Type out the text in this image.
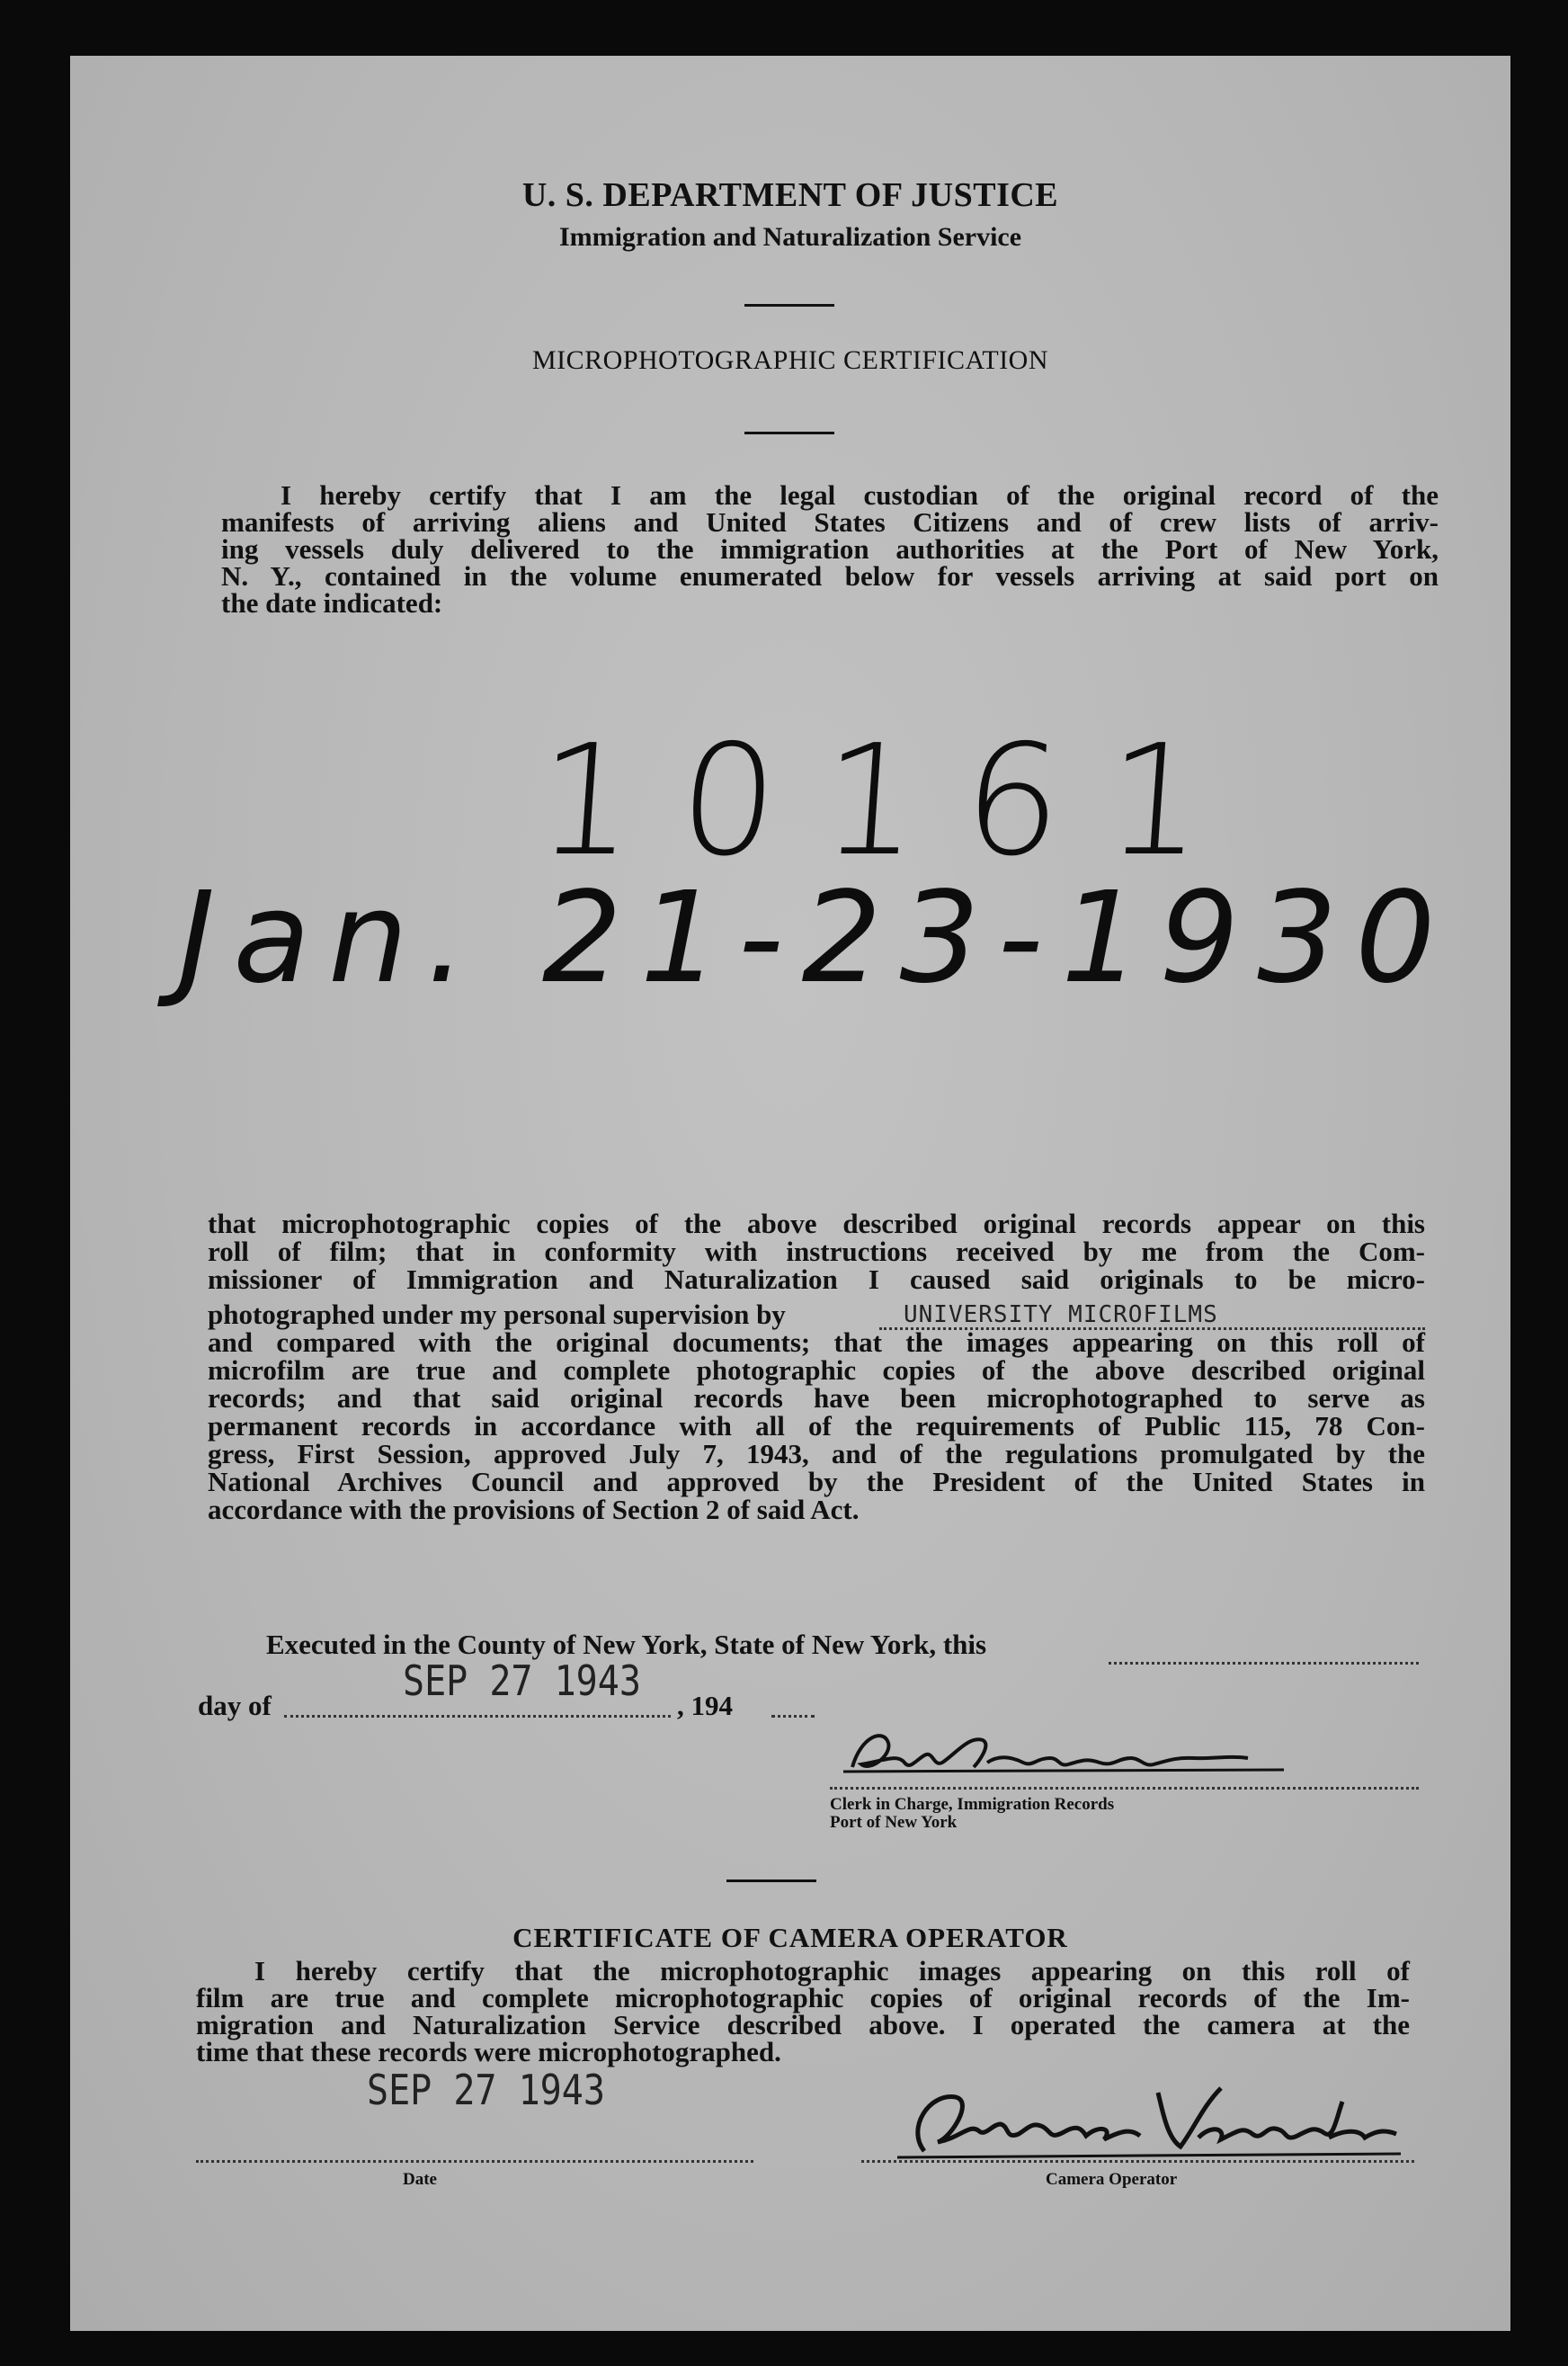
U. S. DEPARTMENT OF JUSTICE
Immigration and Naturalization Service
MICROPHOTOGRAPHIC CERTIFICATION
I hereby certify that I am the legal custodian of the original record of the
manifests of arriving aliens and United States Citizens and of crew lists of arriv-
ing vessels duly delivered to the immigration authorities at the Port of New York,
N. Y., contained in the volume enumerated below for vessels arriving at said port on
the date indicated:
10161
Jan. 21-23-1930
that microphotographic copies of the above described original records appear on this
roll of film; that in conformity with instructions received by me from the Com-
missioner of Immigration and Naturalization I caused said originals to be micro-
photographed under my personal supervision by
and compared with the original documents; that the images appearing on this roll of
microfilm are true and complete photographic copies of the above described original
records; and that said original records have been microphotographed to serve as
permanent records in accordance with all of the requirements of Public 115, 78 Con-
gress, First Session, approved July 7, 1943, and of the regulations promulgated by the
National Archives Council and approved by the President of the United States in
accordance with the provisions of Section 2 of said Act.
UNIVERSITY MICROFILMS
Executed in the County of New York, State of New York, this
SEP 27 1943
day of	, 194
Clerk in Charge, Immigration Records
Port of New York
CERTIFICATE OF CAMERA OPERATOR
I hereby certify that the microphotographic images appearing on this roll of
film are true and complete microphotographic copies of original records of the Im-
migration and Naturalization Service described above. I operated the camera at the
time that these records were microphotographed.
SEP 27 1943
Date	Camera Operator
